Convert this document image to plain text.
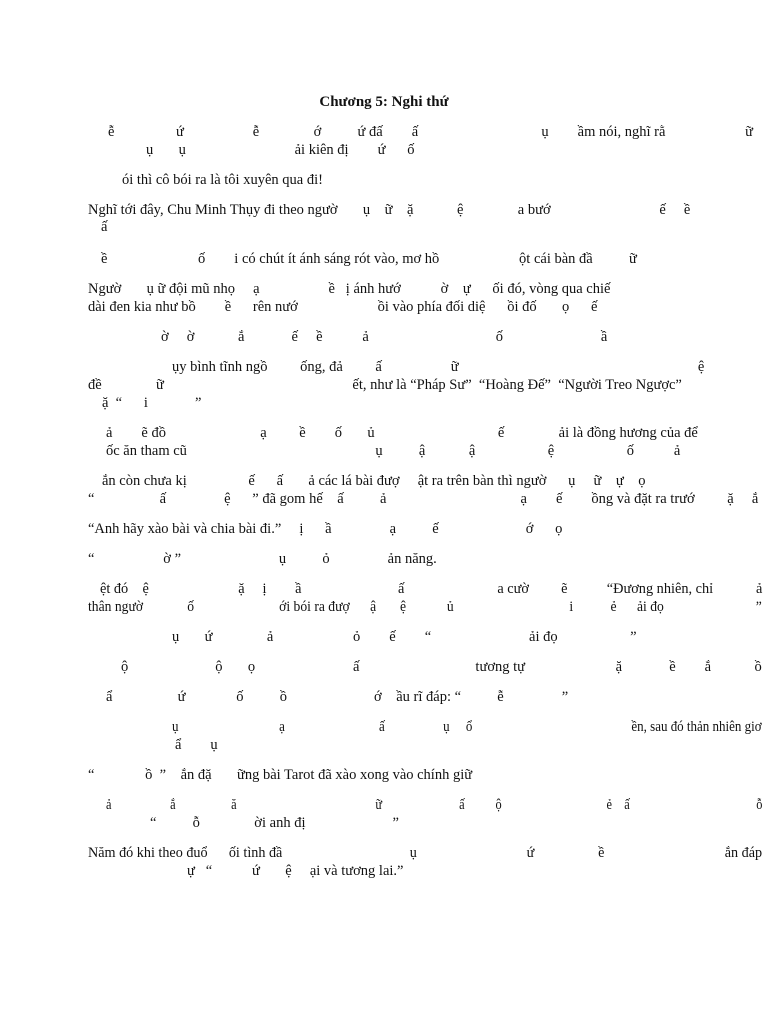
Chương 5: Nghi thứ
ễ                 ứ                   ễ               ớ          ứ đấ        ấ                                  ụ        ầm nói, nghĩ rằ                      ữ
ụ       ụ                              ải kiên đị        ứ      ố
ói thì cô bói ra là tôi xuyên qua đi!
Nghĩ tới đây, Chu Minh Thụy đi theo ngườ       ụ    ữ    ặ            ệ               a bướ                              ế     ề
ấ
ề                         ố        i có chút ít ánh sáng rót vào, mơ hồ                      ột cái bàn đầ          ữ
Ngườ       ụ ữ đội mũ nhọ     ạ                   ề   ị ánh hướ           ờ    ự      ối đó, vòng qua chiế
dài đen kia như bồ        ề      rên nướ                      ồi vào phía đối diệ      ồi đố       ọ      ế
ờ     ờ            ắ             ế     ề           ả                                   ố                           ầ
ụy bình tĩnh ngồ         ống, đả         ấ                   ữ                                                                  ệ
đề               ữ                                                    ết, như là “Pháp Sư”  “Hoàng Đế”  “Người Treo Ngược”
ặ  “      i             ”
ả        ẽ đồ                          ạ         ề        ố       ủ                                  ế               ải là đồng hương của để
ốc ăn tham cũ                                                    ụ          ậ            ậ                    ệ                    ố           ả
ắn còn chưa kị                 ế      ấ       ả các lá bài đượ     ật ra trên bàn thì ngườ      ụ     ữ    ự    ọ
“                  ấ                ệ      ” đã gom hế    ấ          ả                                     ạ        ế        ồng và đặt ra trướ         ặ     ắ
“Anh hãy xào bài và chia bài đi.”     ị      ầ                ạ          ế                        ớ      ọ
“                   ờ ”                           ụ          ỏ                ản năng.
ệt đó    ệ                         ặ     ị        ầ                           ấ                          a cườ         ẽ           “Đương nhiên, chỉ            ả
thân ngườ             ố                         ới bói ra đượ      ậ       ệ            ủ                                  i           ẻ      ải đọ                           ”
ụ       ứ               ả                      ỏ        ế        “                           ải đọ                    ”
ộ                        ộ       ọ                           ấ                                tương tự                         ặ             ề        ắ            ồ
ẩ                  ứ              ố          ồ                        ớ    ầu rĩ đáp: “          ễ                ”
ụ                               ạ                             ấ                  ụ     ổ                                                 ền, sau đó thản nhiên giơ
ẩ        ụ
“              ồ  ”    ắn đặ       ững bài Tarot đã xào xong vào chính giữ
ả                   ắ                  ă                                             ữ                         ấ          ộ                                  ẻ    ấ                                         ỗ
“          ỗ               ời anh đị                        ”
Năm đó khi theo đuổ      ối tình đầ                                    ụ                               ứ                  ề                                  ắn đáp
ự   “           ứ       ệ     ại và tương lai.”
